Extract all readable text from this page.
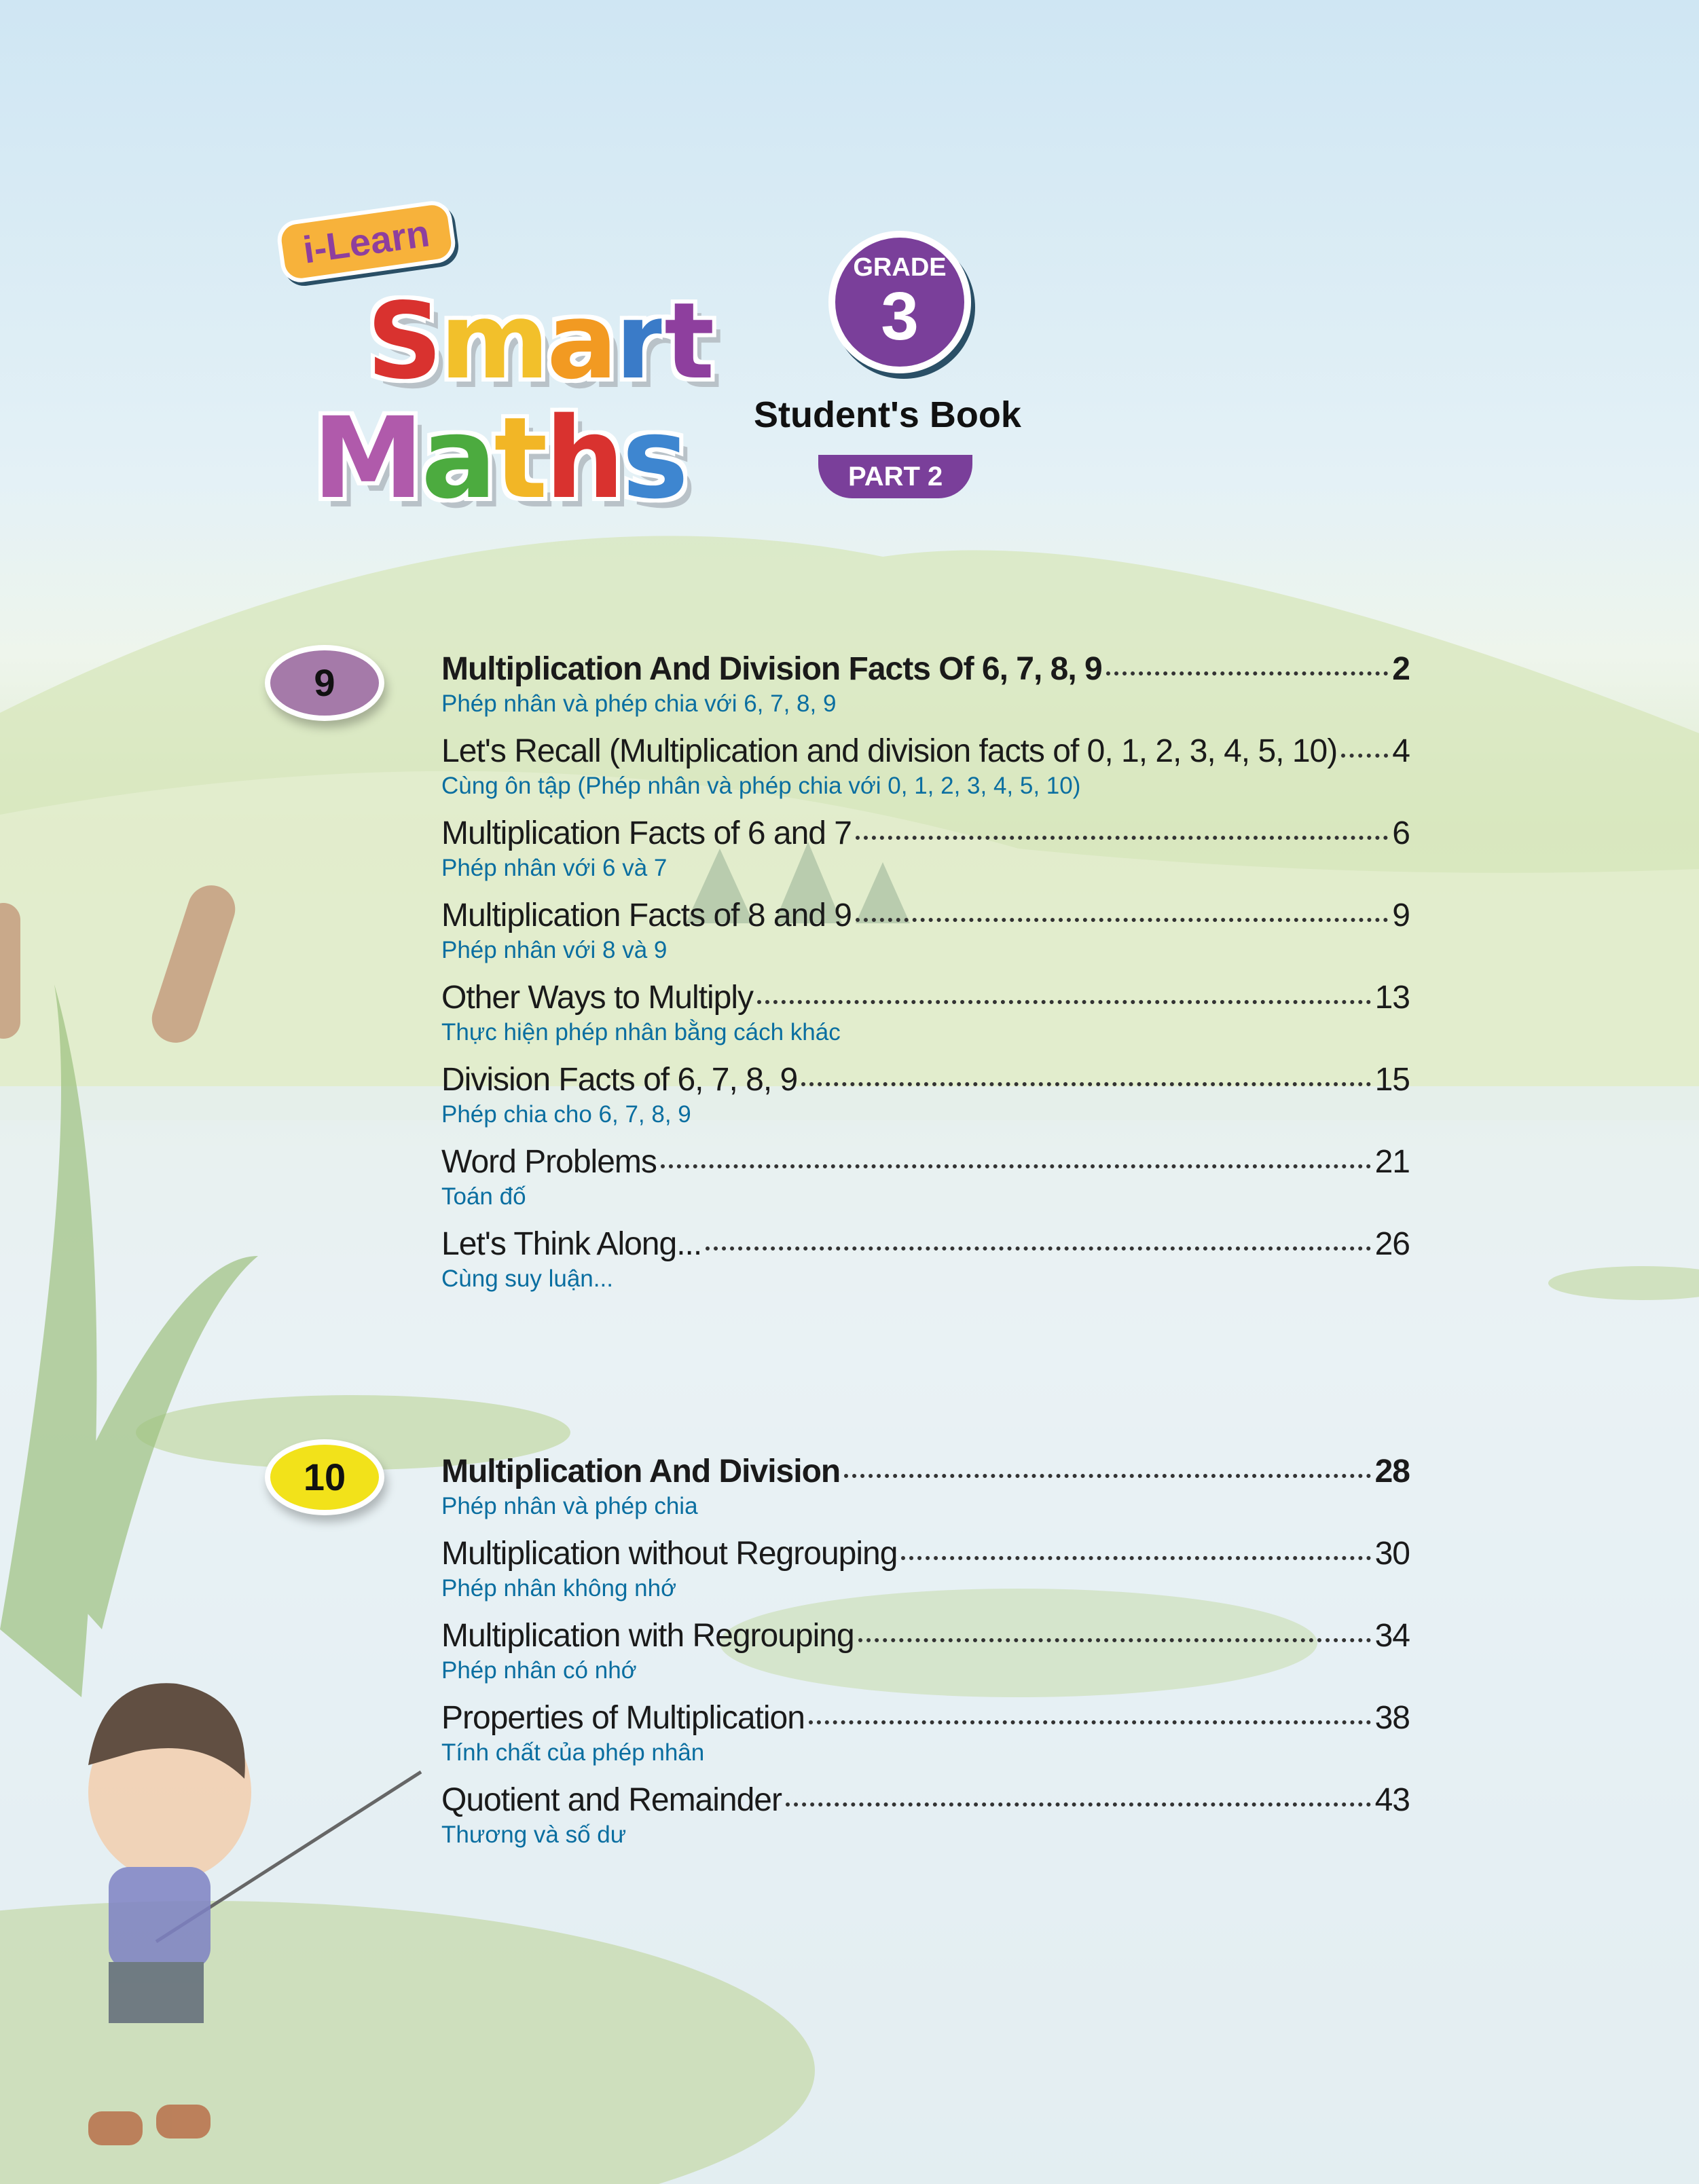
i-Learn
Smart
Maths
GRADE
3
Student's Book
PART 2
9
10
Multiplication And Division Facts Of 6, 7, 8, 9	2
Phép nhân và phép chia với 6, 7, 8, 9
Let's Recall (Multiplication and division facts of 0, 1, 2, 3, 4, 5, 10) 4
Cùng ôn tập (Phép nhân và phép chia với 0, 1, 2, 3, 4, 5, 10)
Multiplication Facts of 6 and 7	6
Phép nhân với 6 và 7
Multiplication Facts of 8 and 9	9
Phép nhân với 8 và 9
Other Ways to Multiply	13
Thực hiện phép nhân bằng cách khác
Division Facts of 6, 7, 8, 9	15
Phép chia cho 6, 7, 8, 9
Word Problems	21
Toán đố
Let's Think Along...	26
Cùng suy luận...
Multiplication And Division	28
Phép nhân và phép chia
Multiplication without Regrouping	30
Phép nhân không nhớ
Multiplication with Regrouping	34
Phép nhân có nhớ
Properties of Multiplication	38
Tính chất của phép nhân
Quotient and Remainder	43
Thương và số dư
